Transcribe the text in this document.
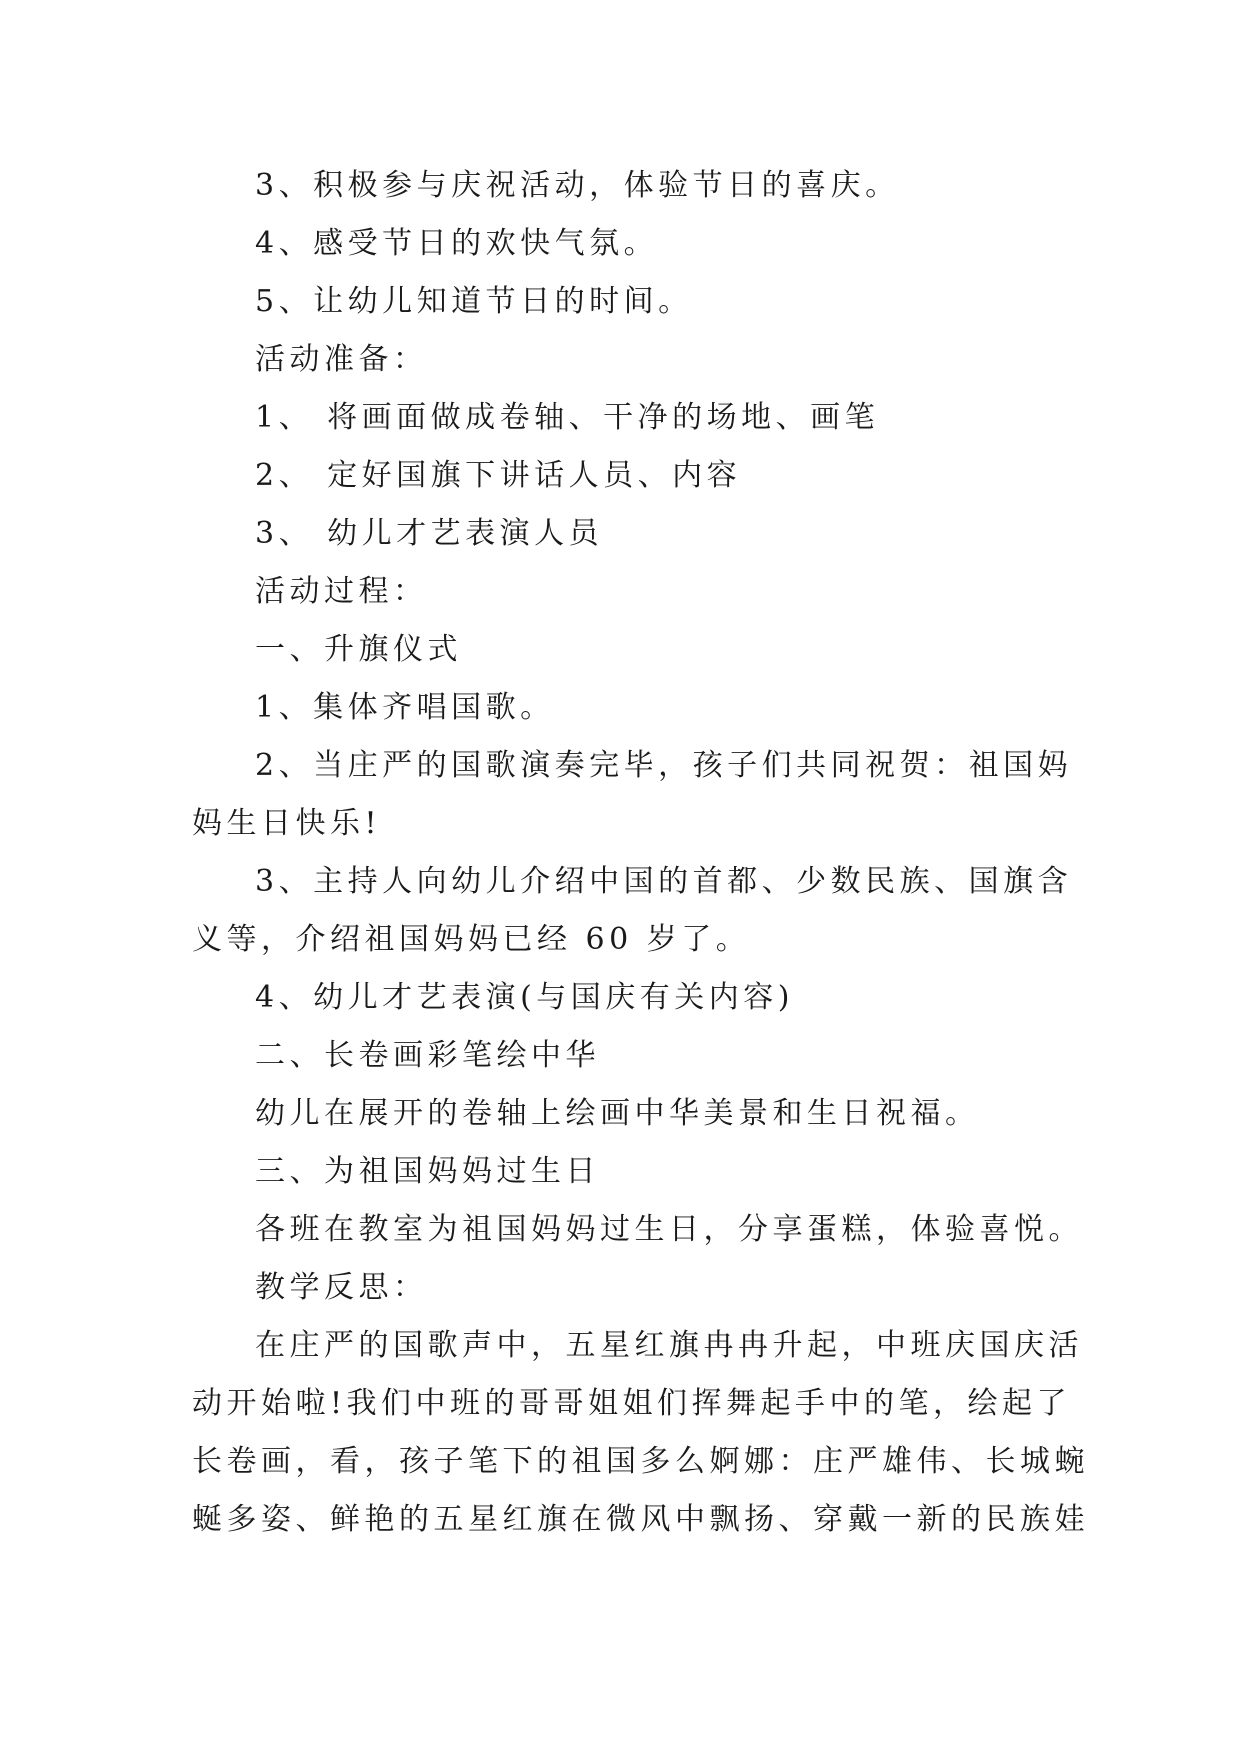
3、积极参与庆祝活动，体验节日的喜庆。
4、感受节日的欢快气氛。
5、让幼儿知道节日的时间。
活动准备：
1、 将画面做成卷轴、干净的场地、画笔
2、 定好国旗下讲话人员、内容
3、 幼儿才艺表演人员
活动过程：
一、升旗仪式
1、集体齐唱国歌。
2、当庄严的国歌演奏完毕，孩子们共同祝贺：祖国妈
妈生日快乐!
3、主持人向幼儿介绍中国的首都、少数民族、国旗含
义等，介绍祖国妈妈已经 60 岁了。
4、幼儿才艺表演(与国庆有关内容)
二、长卷画彩笔绘中华
幼儿在展开的卷轴上绘画中华美景和生日祝福。
三、为祖国妈妈过生日
各班在教室为祖国妈妈过生日，分享蛋糕，体验喜悦。
教学反思：
在庄严的国歌声中，五星红旗冉冉升起，中班庆国庆活
动开始啦!我们中班的哥哥姐姐们挥舞起手中的笔，绘起了
长卷画，看，孩子笔下的祖国多么婀娜：庄严雄伟、长城蜿
蜒多姿、鲜艳的五星红旗在微风中飘扬、穿戴一新的民族娃
